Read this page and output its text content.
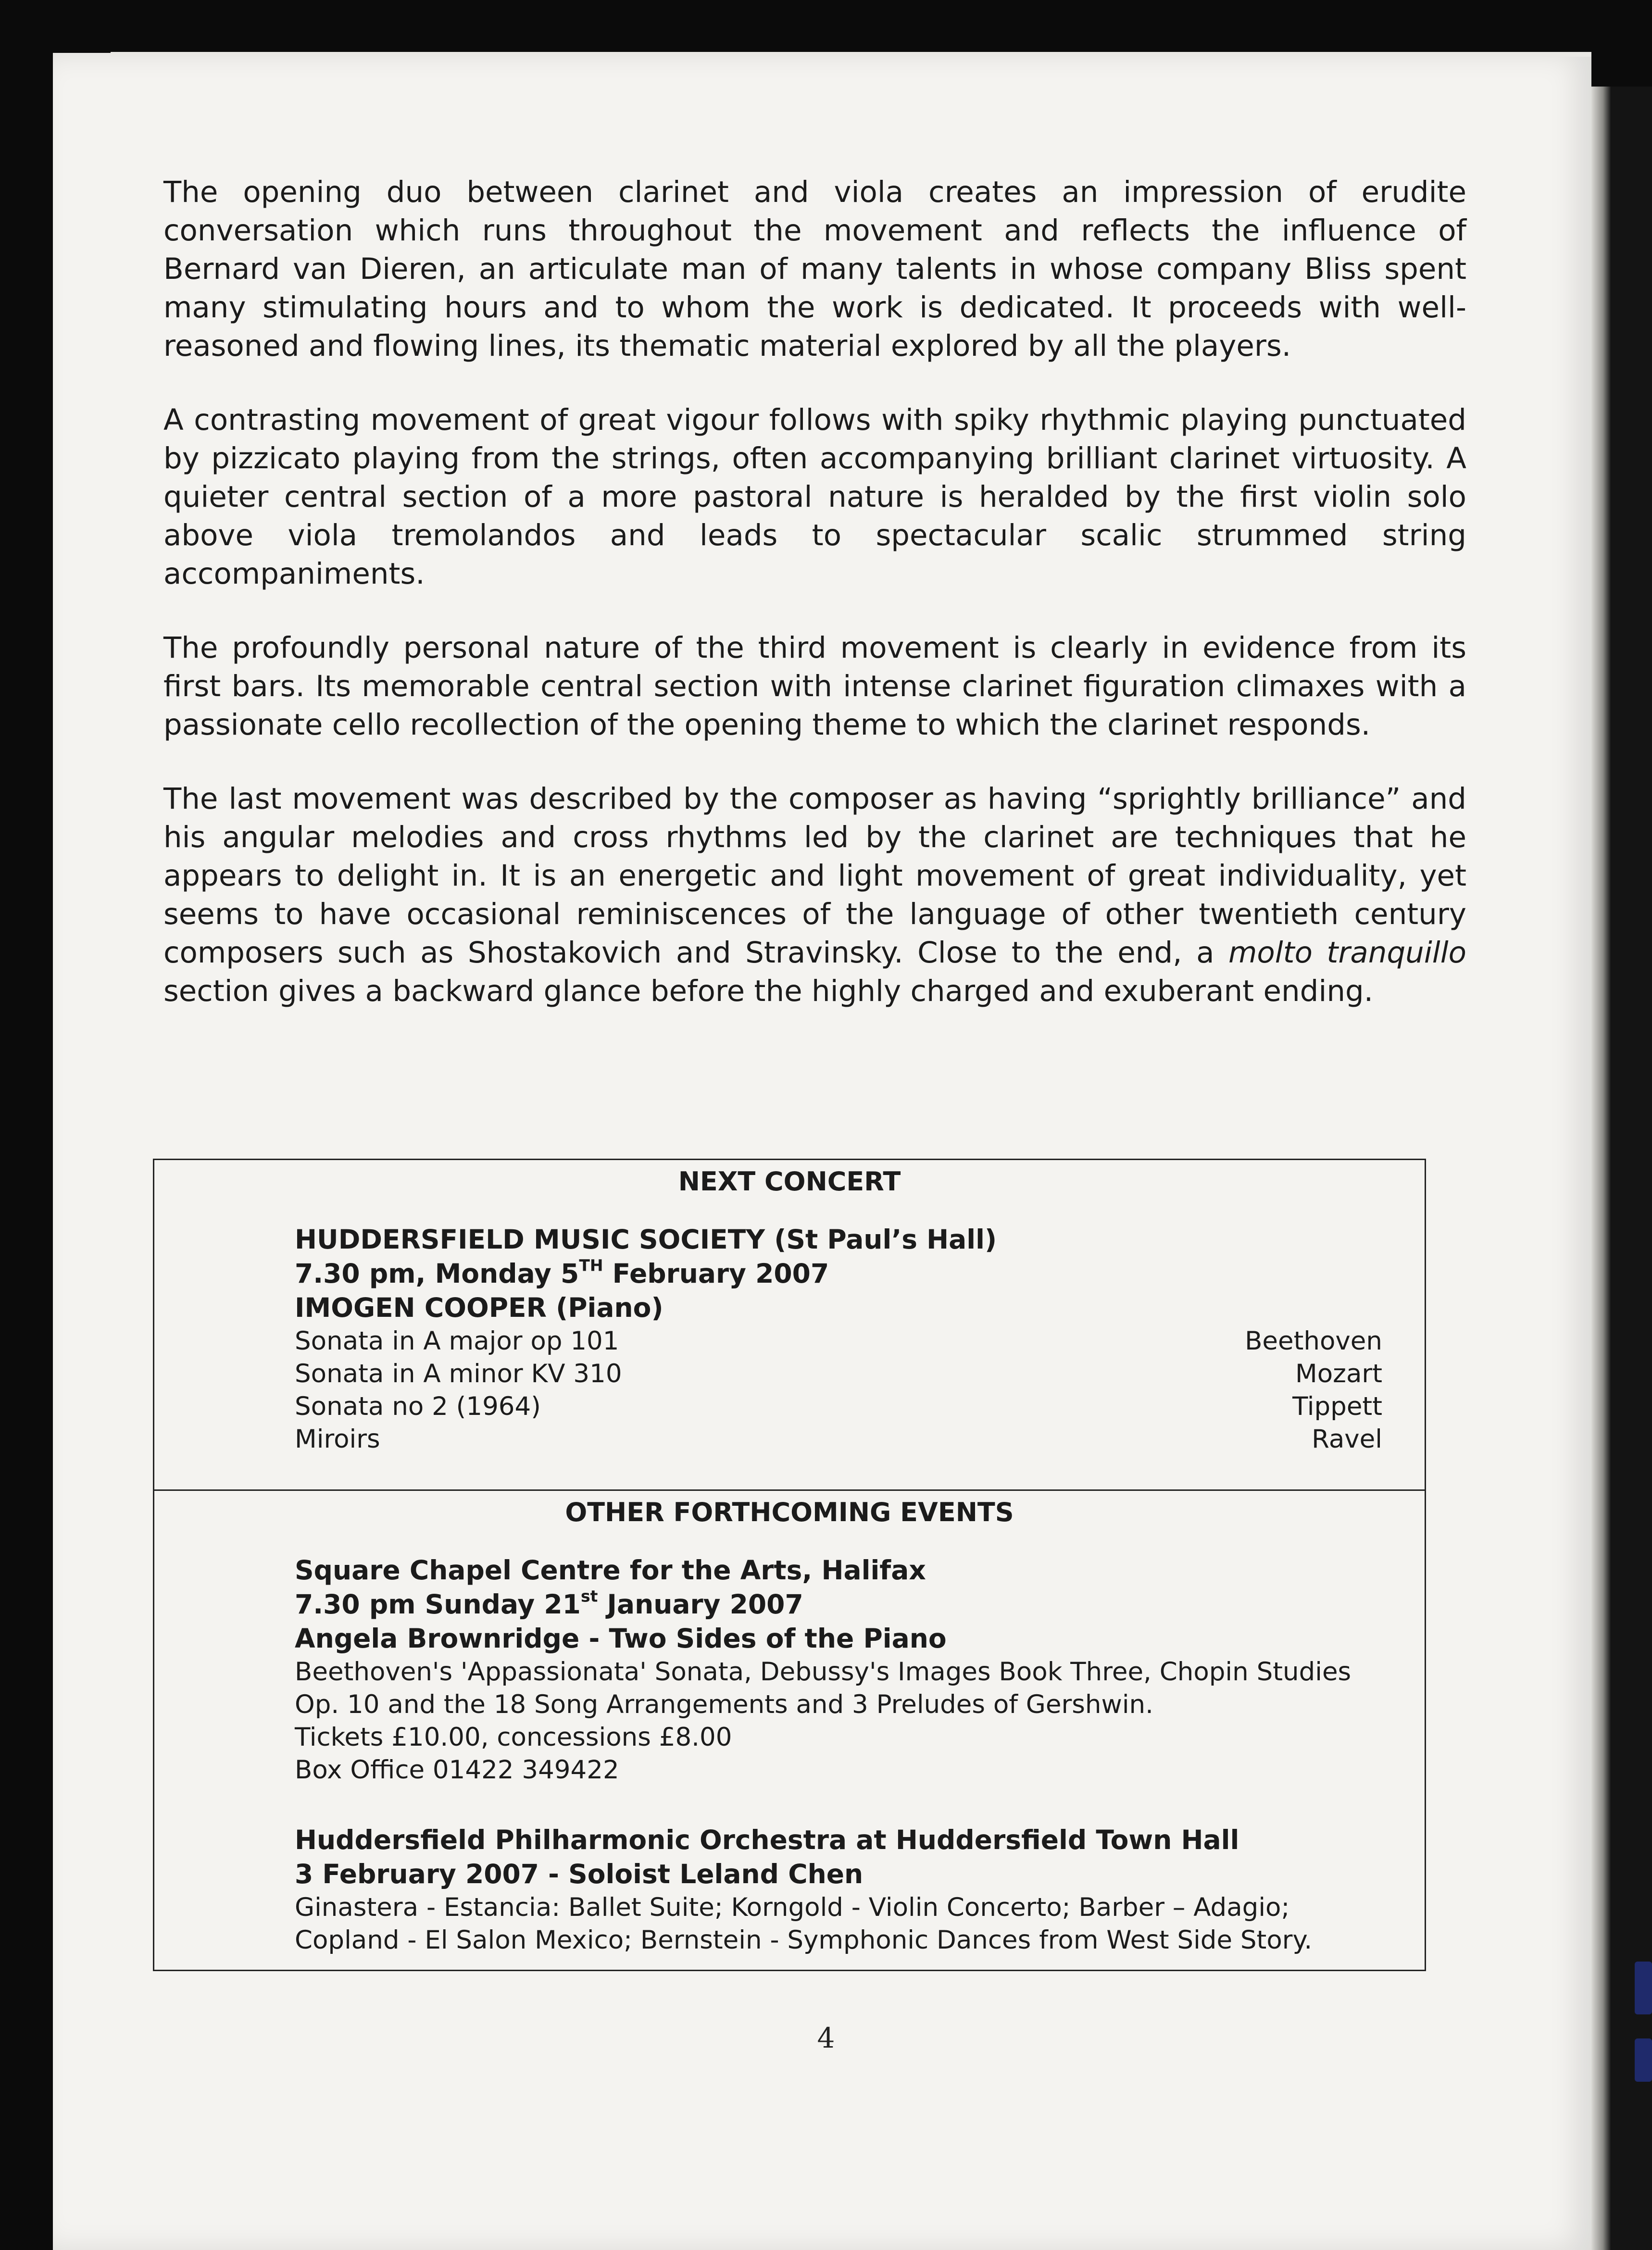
The opening duo between clarinet and viola creates an impression of erudite conversation which runs throughout the movement and reflects the influence of Bernard van Dieren, an articulate man of many talents in whose company Bliss spent many stimulating hours and to whom the work is dedicated. It proceeds with well-reasoned and flowing lines, its thematic material explored by all the players.

A contrasting movement of great vigour follows with spiky rhythmic playing punctuated by pizzicato playing from the strings, often accompanying brilliant clarinet virtuosity. A quieter central section of a more pastoral nature is heralded by the first violin solo above viola tremolandos and leads to spectacular scalic strummed string accompaniments.

The profoundly personal nature of the third movement is clearly in evidence from its first bars. Its memorable central section with intense clarinet figuration climaxes with a passionate cello recollection of the opening theme to which the clarinet responds.

The last movement was described by the composer as having “sprightly brilliance” and his angular melodies and cross rhythms led by the clarinet are techniques that he appears to delight in. It is an energetic and light movement of great individuality, yet seems to have occasional reminiscences of the language of other twentieth century composers such as Shostakovich and Stravinsky. Close to the end, a molto tranquillo section gives a backward glance before the highly charged and exuberant ending.

NEXT CONCERT
HUDDERSFIELD MUSIC SOCIETY (St Paul’s Hall)
7.30 pm, Monday 5TH February 2007
IMOGEN COOPER (Piano)
Sonata in A major op 101	Beethoven
Sonata in A minor KV 310	Mozart
Sonata no 2 (1964)	Tippett
Miroirs	Ravel
OTHER FORTHCOMING EVENTS
Square Chapel Centre for the Arts, Halifax
7.30 pm Sunday 21st January 2007
Angela Brownridge - Two Sides of the Piano
Beethoven's 'Appassionata' Sonata, Debussy's Images Book Three, Chopin Studies
Op. 10 and the 18 Song Arrangements and 3 Preludes of Gershwin.
Tickets £10.00, concessions £8.00
Box Office 01422 349422
Huddersfield Philharmonic Orchestra at Huddersfield Town Hall
3 February 2007 - Soloist Leland Chen
Ginastera - Estancia: Ballet Suite; Korngold - Violin Concerto; Barber – Adagio;
Copland - El Salon Mexico; Bernstein - Symphonic Dances from West Side Story.
4
